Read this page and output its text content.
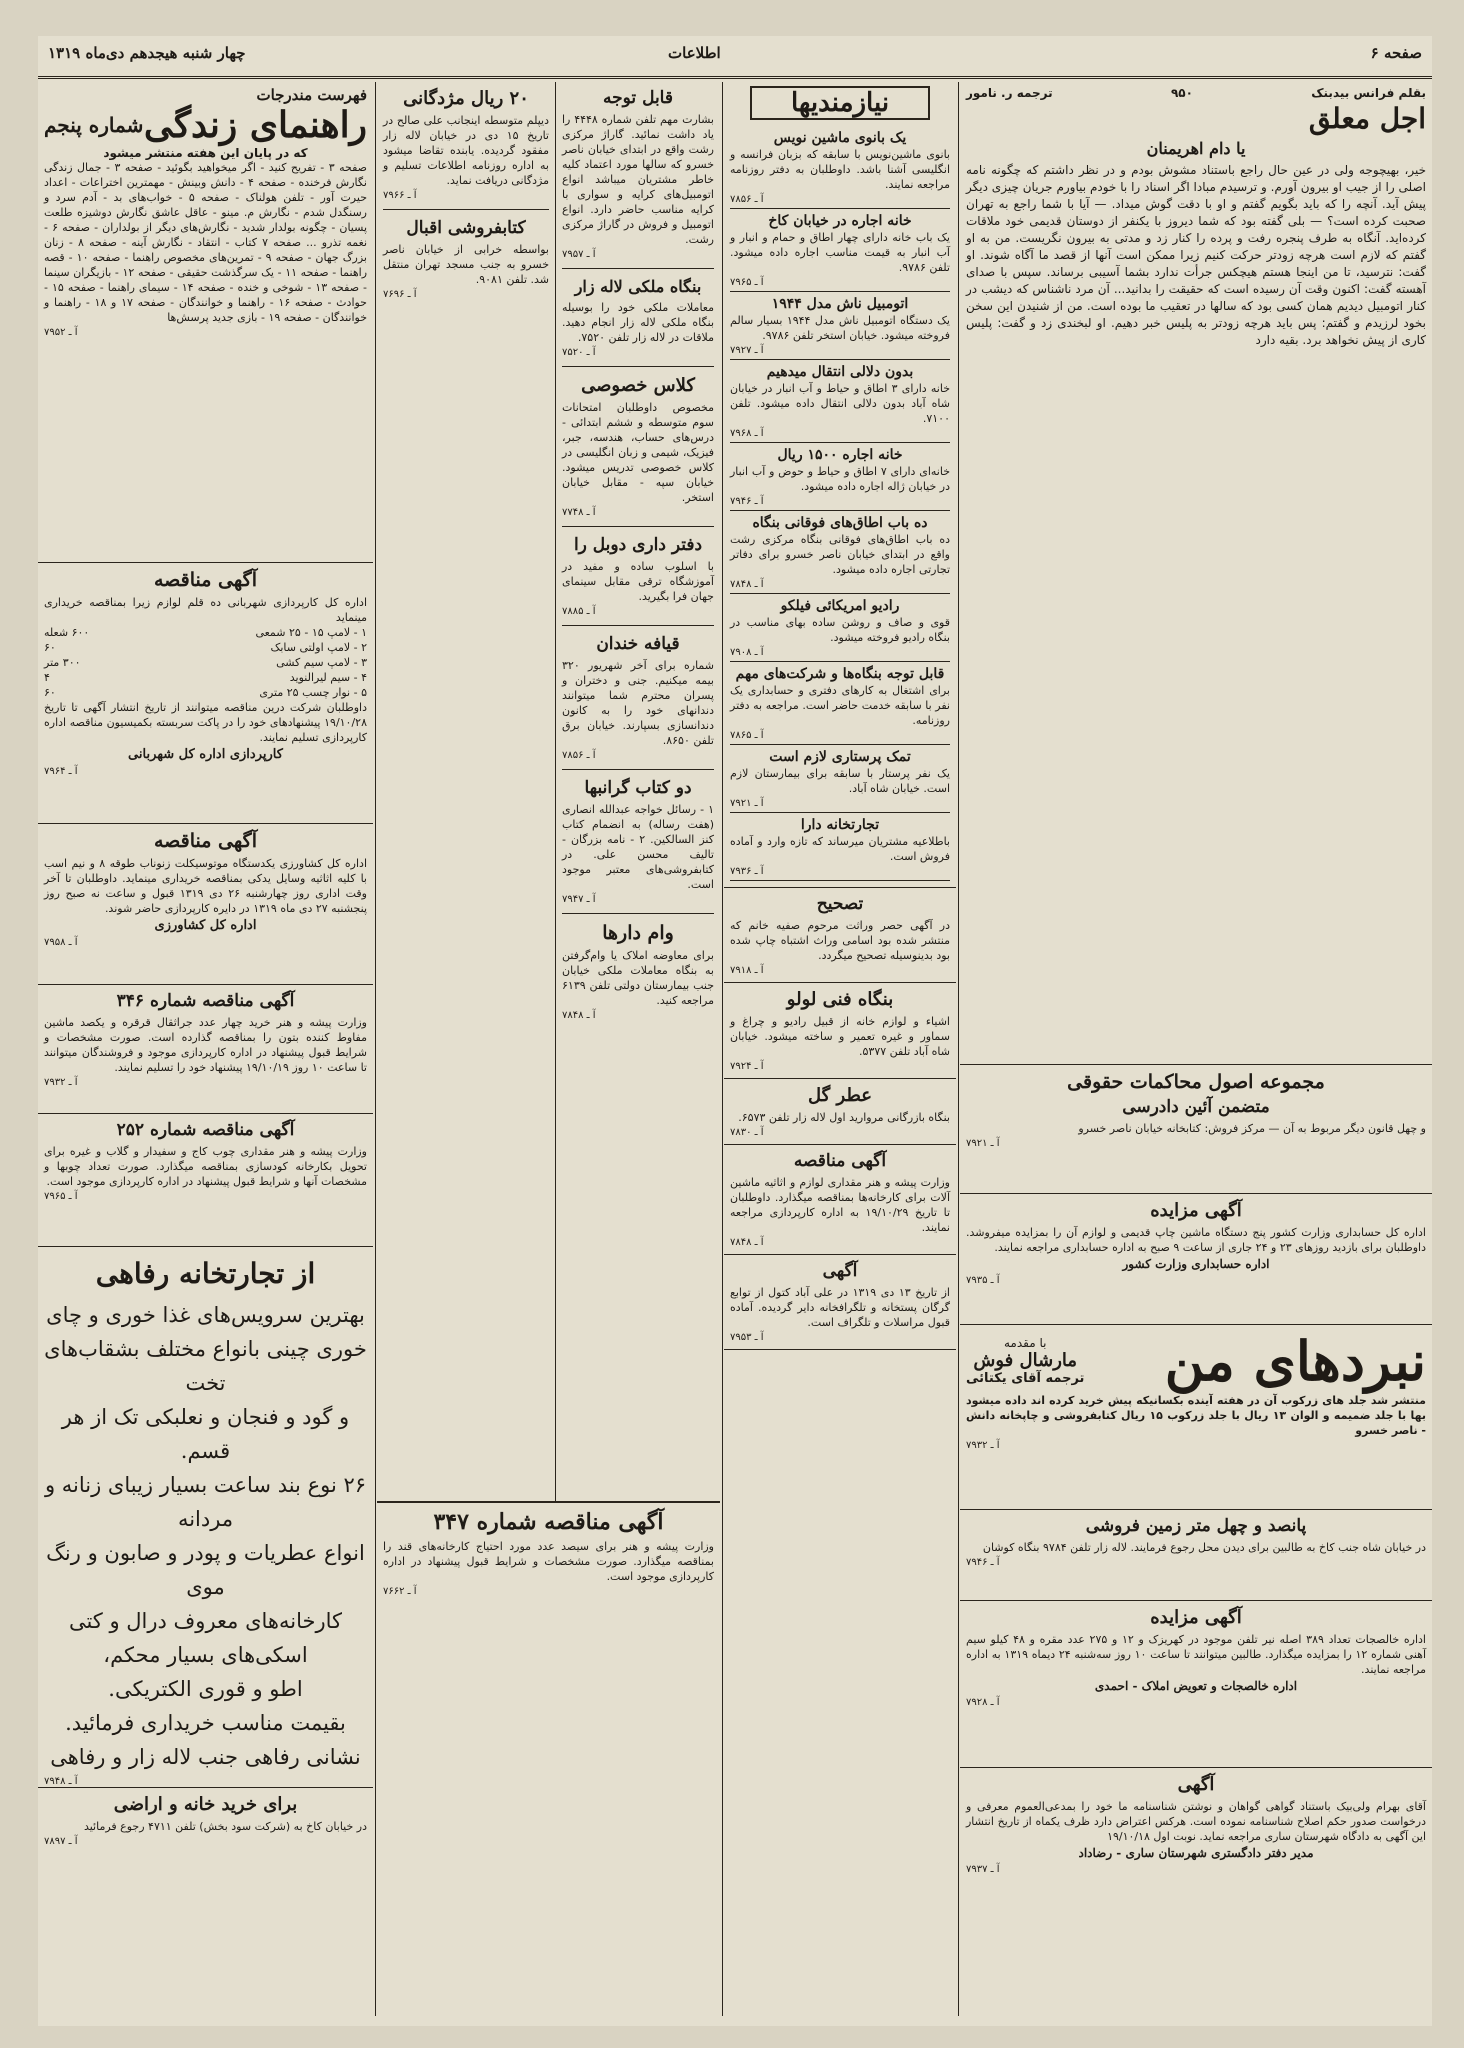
صفحه ۶
اطلاعات
چهار شنبه هیجدهم دی‌ماه ۱۳۱۹
بقلم فرانس بیدبنک
۹۵۰
ترجمه ر. نامور
اجل معلق
یا دام اهریمنان

خیر، بهیچوجه ولی در عین حال راجع باستناد مشوش بودم و در نظر داشتم که چگونه نامه اصلی را از جیب او بیرون آورم. و ترسیدم مبادا اگر اسناد را با خودم بیاورم جریان چیزی دیگر پیش آید. آنچه را که باید بگویم گفتم و او با دقت گوش میداد. — آیا با شما راجع به تهران صحبت کرده است؟ — بلی گفته بود که شما دیروز با یکنفر از دوستان قدیمی خود ملاقات کرده‌اید. آنگاه به طرف پنجره رفت و پرده را کنار زد و مدتی به بیرون نگریست. من به او گفتم که لازم است هرچه زودتر حرکت کنیم زیرا ممکن است آنها از قصد ما آگاه شوند. او گفت: نترسید، تا من اینجا هستم هیچکس جرأت ندارد بشما آسیبی برساند. سپس با صدای آهسته گفت: اکنون وقت آن رسیده است که حقیقت را بدانید... آن مرد ناشناس که دیشب در کنار اتومبیل دیدیم همان کسی بود که سالها در تعقیب ما بوده است. من از شنیدن این سخن بخود لرزیدم و گفتم: پس باید هرچه زودتر به پلیس خبر دهیم. او لبخندی زد و گفت: پلیس کاری از پیش نخواهد برد. بقیه دارد

مجموعه اصول محاکمات حقوقی
متضمن آئین دادرسی

و چهل قانون دیگر مربوط به آن — مرکز فروش: کتابخانه خیابان ناصر خسرو

آ ـ ۷۹۲۱
آگهی مزایده

اداره کل حسابداری وزارت کشور پنج دستگاه ماشین چاپ قدیمی و لوازم آن را بمزایده میفروشد. داوطلبان برای بازدید روزهای ۲۳ و ۲۴ جاری از ساعت ۹ صبح به اداره حسابداری مراجعه نمایند.

اداره حسابداری وزارت کشور
آ ـ ۷۹۳۵
نبردهای من
با مقدمه
مارشال فوش
ترجمه آقای یکتائی

منتشر شد جلد های زرکوب آن در هفته آینده بکسانیکه پیش خرید کرده اند داده میشود بها با جلد ضمیمه و الوان ۱۳ ریال با جلد زرکوب ۱۵ ریال کتابفروشی و چاپخانه دانش - ناصر خسرو

آ ـ ۷۹۳۲
پانصد و چهل متر زمین فروشی

در خیابان شاه جنب کاخ به طالبین برای دیدن محل رجوع فرمایند. لاله زار تلفن ۹۷۸۴ بنگاه کوشان

آ ـ ۷۹۴۶
آگهی مزایده

اداره خالصجات تعداد ۳۸۹ اصله نیر تلفن موجود در کهریزک و ۱۲ و ۲۷۵ عدد مقره و ۴۸ کیلو سیم آهنی شماره ۱۲ را بمزایده میگذارد. طالبین میتوانند تا ساعت ۱۰ روز سه‌شنبه ۲۴ دیماه ۱۳۱۹ به اداره مراجعه نمایند.

اداره خالصجات و تعویض املاک - احمدی
آ ـ ۷۹۲۸
آگهی

آقای بهرام ولی‌بیک باستناد گواهی گواهان و نوشتن شناسنامه ما خود را بمدعی‌العموم معرفی و درخواست صدور حکم اصلاح شناسنامه نموده است. هرکس اعتراض دارد ظرف یکماه از تاریخ انتشار این آگهی به دادگاه شهرستان ساری مراجعه نماید. نوبت اول ۱۹/۱۰/۱۸

مدیر دفتر دادگستری شهرستان ساری - رضاداد
آ ـ ۷۹۳۷
نیازمندیها
یک بانوی ماشین نویس

بانوی ماشین‌نویس با سابقه که بزبان فرانسه و انگلیسی آشنا باشد. داوطلبان به دفتر روزنامه مراجعه نمایند.

آ ـ ۷۸۵۶
خانه اجاره در خیابان کاخ

یک باب خانه دارای چهار اطاق و حمام و انبار و آب انبار به قیمت مناسب اجاره داده میشود. تلفن ۹۷۸۶.

آ ـ ۷۹۶۵
اتومبیل ناش مدل ۱۹۴۴

یک دستگاه اتومبیل ناش مدل ۱۹۴۴ بسیار سالم فروخته میشود. خیابان استخر تلفن ۹۷۸۶.

آ ـ ۷۹۲۷
بدون دلالی انتقال میدهیم

خانه دارای ۳ اطاق و حیاط و آب انبار در خیابان شاه آباد بدون دلالی انتقال داده میشود. تلفن ۷۱۰۰.

آ ـ ۷۹۶۸
خانه اجاره ۱۵۰۰ ریال

خانه‌ای دارای ۷ اطاق و حیاط و حوض و آب انبار در خیابان ژاله اجاره داده میشود.

آ ـ ۷۹۴۶
ده باب اطاق‌های فوقانی بنگاه

ده باب اطاق‌های فوقانی بنگاه مرکزی رشت واقع در ابتدای خیابان ناصر خسرو برای دفاتر تجارتی اجاره داده میشود.

آ ـ ۷۸۴۸
رادیو امریکائی فیلکو

قوی و صاف و روشن ساده بهای مناسب در بنگاه رادیو فروخته میشود.

آ ـ ۷۹۰۸
قابل توجه بنگاه‌ها و شرکت‌های مهم

برای اشتغال به کارهای دفتری و حسابداری یک نفر با سابقه خدمت حاضر است. مراجعه به دفتر روزنامه.

آ ـ ۷۸۶۵
تمک پرستاری لازم است

یک نفر پرستار با سابقه برای بیمارستان لازم است. خیابان شاه آباد.

آ ـ ۷۹۲۱
تجارتخانه دارا

باطلاعیه مشتریان میرساند که تازه وارد و آماده فروش است.

آ ـ ۷۹۳۶
تصحیح

در آگهی حصر وراثت مرحوم صفیه خانم که منتشر شده بود اسامی وراث اشتباه چاپ شده بود بدینوسیله تصحیح میگردد.

آ ـ ۷۹۱۸
بنگاه فنی لولو

اشیاء و لوازم خانه از قبیل رادیو و چراغ و سماور و غیره تعمیر و ساخته میشود. خیابان شاه آباد تلفن ۵۳۷۷.

آ ـ ۷۹۲۴
عطر گل

بنگاه بازرگانی مروارید اول لاله زار تلفن ۶۵۷۳.

آ ـ ۷۸۳۰
آگهی مناقصه

وزارت پیشه و هنر مقداری لوازم و اثاثیه ماشین آلات برای کارخانه‌ها بمناقصه میگذارد. داوطلبان تا تاریخ ۱۹/۱۰/۲۹ به اداره کارپردازی مراجعه نمایند.

آ ـ ۷۸۴۸
آگهی

از تاریخ ۱۳ دی ۱۳۱۹ در علی آباد کتول از توابع گرگان پستخانه و تلگرافخانه دایر گردیده. آماده قبول مراسلات و تلگراف است.

آ ـ ۷۹۵۳
قابل توجه

بشارت مهم تلفن شماره ۴۴۴۸ را یاد داشت نمائید. گاراژ مرکزی رشت واقع در ابتدای خیابان ناصر خسرو که سالها مورد اعتماد کلیه خاطر مشتریان میباشد انواع اتومبیل‌های کرایه و سواری با کرایه مناسب حاضر دارد. انواع اتومبیل و فروش در گاراژ مرکزی رشت.

آ ـ ۷۹۵۷
بنگاه ملکی لاله زار

معاملات ملکی خود را بوسیله بنگاه ملکی لاله زار انجام دهید. ملاقات در لاله زار تلفن ۷۵۲۰.

آ ـ ۷۵۲۰
کلاس خصوصی

مخصوص داوطلبان امتحانات سوم متوسطه و ششم ابتدائی - درس‌های حساب، هندسه، جبر، فیزیک، شیمی و زبان انگلیسی در کلاس خصوصی تدریس میشود. خیابان سپه - مقابل خیابان استخر.

آ ـ ۷۷۴۸
دفتر داری دوبل را

با اسلوب ساده و مفید در آموزشگاه ترقی مقابل سینمای جهان فرا بگیرید.

آ ـ ۷۸۸۵
قیافه خندان

شماره برای آخر شهریور ۳۲۰ بیمه میکنیم. جنی و دختران و پسران محترم شما میتوانند دندانهای خود را به کانون دندانسازی بسپارند. خیابان برق تلفن ۸۶۵۰.

آ ـ ۷۸۵۶
دو کتاب گرانبها

۱ - رسائل خواجه عبدالله انصاری (هفت رساله) به انضمام کتاب کنز السالکین. ۲ - نامه بزرگان - تالیف محسن علی. در کتابفروشی‌های معتبر موجود است.

آ ـ ۷۹۴۷
وام دارها

برای معاوضه املاک یا وام‌گرفتن به بنگاه معاملات ملکی خیابان جنب بیمارستان دولتی تلفن ۶۱۳۹ مراجعه کنید.

آ ـ ۷۸۴۸
۲۰ ریال مژدگانی

دیپلم متوسطه اینجانب علی صالح در تاریخ ۱۵ دی در خیابان لاله زار مفقود گردیده. یابنده تقاضا میشود به اداره روزنامه اطلاعات تسلیم و مژدگانی دریافت نماید.

آ ـ ۷۹۶۶
کتابفروشی اقبال

بواسطه خرابی از خیابان ناصر خسرو به جنب مسجد تهران منتقل شد. تلفن ۹۰۸۱.

آ ـ ۷۶۹۶
آگهی مناقصه شماره ۳۴۷

وزارت پیشه و هنر برای سیصد عدد مورد احتیاج کارخانه‌های قند را بمناقصه میگذارد. صورت مشخصات و شرایط قبول پیشنهاد در اداره کارپردازی موجود است.

آ ـ ۷۶۶۲
فهرست مندرجات
راهنمای زندگی
شماره پنجم
که در پایان این هفته منتشر میشود

صفحه ۳ - تفریح کنید - اگر میخواهید بگوئید - صفحه ۳ - جمال زندگی نگارش فرخنده - صفحه ۴ - دانش وبینش - مهمترین اختراعات - اعداد حیرت آور - تلفن هولناک - صفحه ۵ - خواب‌های بد - آدم سرد و رسنگدل شدم - نگارش م. مینو - عاقل عاشق نگارش دوشیزه طلعت پسیان - چگونه بولدار شدید - نگارش‌های دیگر از بولداران - صفحه ۶ - نغمه تذرو ... صفحه ۷ کتاب - انتقاد - نگارش آینه - صفحه ۸ - زنان بزرگ جهان - صفحه ۹ - تمرین‌های مخصوص راهنما - صفحه ۱۰ - قصه راهنما - صفحه ۱۱ - یک سرگذشت حقیقی - صفحه ۱۲ - بازیگران سینما - صفحه ۱۳ - شوخی و خنده - صفحه ۱۴ - سیمای راهنما - صفحه ۱۵ - حوادث - صفحه ۱۶ - راهنما و خوانندگان - صفحه ۱۷ و ۱۸ - راهنما و خوانندگان - صفحه ۱۹ - بازی جدید پرسش‌ها

آ ـ ۷۹۵۲
آگهی مناقصه

اداره کل کارپردازی شهربانی ده قلم لوازم زیرا بمناقصه خریداری مینماید

۱ - لامپ ۱۵ - ۲۵ شمعی
۶۰۰ شعله
۲ - لامپ اولتی سابک
۶۰
۳ - لامپ سیم کشی
۳۰۰ متر
۴ - سیم لیرالنوید
۴
۵ - نوار چسب ۲۵ متری
۶۰

داوطلبان شرکت درین مناقصه میتوانند از تاریخ انتشار آگهی تا تاریخ ۱۹/۱۰/۲۸ پیشنهادهای خود را در پاکت سربسته بکمیسیون مناقصه اداره کارپردازی تسلیم نمایند.

کارپردازی اداره کل شهربانی
آ ـ ۷۹۶۴
آگهی مناقصه

اداره کل کشاورزی یکدستگاه موتوسیکلت زنوناب طوقه ۸ و نیم اسب با کلیه اثاثیه وسایل یدکی بمناقصه خریداری مینماید. داوطلبان تا آخر وقت اداری روز چهارشنبه ۲۶ دی ۱۳۱۹ قبول و ساعت نه صبح روز پنجشنبه ۲۷ دی ماه ۱۳۱۹ در دایره کارپردازی حاضر شوند.

اداره کل کشاورزی
آ ـ ۷۹۵۸
آگهی مناقصه شماره ۳۴۶

وزارت پیشه و هنر خرید چهار عدد جراثقال قرقره و یکصد ماشین مفاوط کننده بتون را بمناقصه گذارده است. صورت مشخصات و شرایط قبول پیشنهاد در اداره کارپردازی موجود و فروشندگان میتوانند تا ساعت ۱۰ روز ۱۹/۱۰/۱۹ پیشنهاد خود را تسلیم نمایند.

آ ـ ۷۹۳۲
آگهی مناقصه شماره ۲۵۲

وزارت پیشه و هنر مقداری چوب کاج و سفیدار و گلاب و غیره برای تحویل بکارخانه کودسازی بمناقصه میگذارد. صورت تعداد چوبها و مشخصات آنها و شرایط قبول پیشنهاد در اداره کارپردازی موجود است.

آ ـ ۷۹۶۵
از تجارتخانه رفاهی
بهترین سرویس‌های غذا خوری و چای
خوری چینی بانواع مختلف بشقاب‌های تخت
و گود و فنجان‌ و نعلبکی تک از هر قسم.
۲۶ نوع بند ساعت بسیار زیبای زنانه و مردانه
انواع عطریات و پودر و صابون و رنگ موی
کارخانه‌های معروف درال و کتی
اسکی‌های بسیار محکم،
اطو و قوری الکتریکی.
بقیمت مناسب خریداری فرمائید.
نشانی رفاهی جنب لاله زار و رفاهی
آ ـ ۷۹۴۸
برای خرید خانه و اراضی

در خیابان کاخ به (شرکت سود بخش) تلفن ۴۷۱۱ رجوع فرمائید

آ ـ ۷۸۹۷
